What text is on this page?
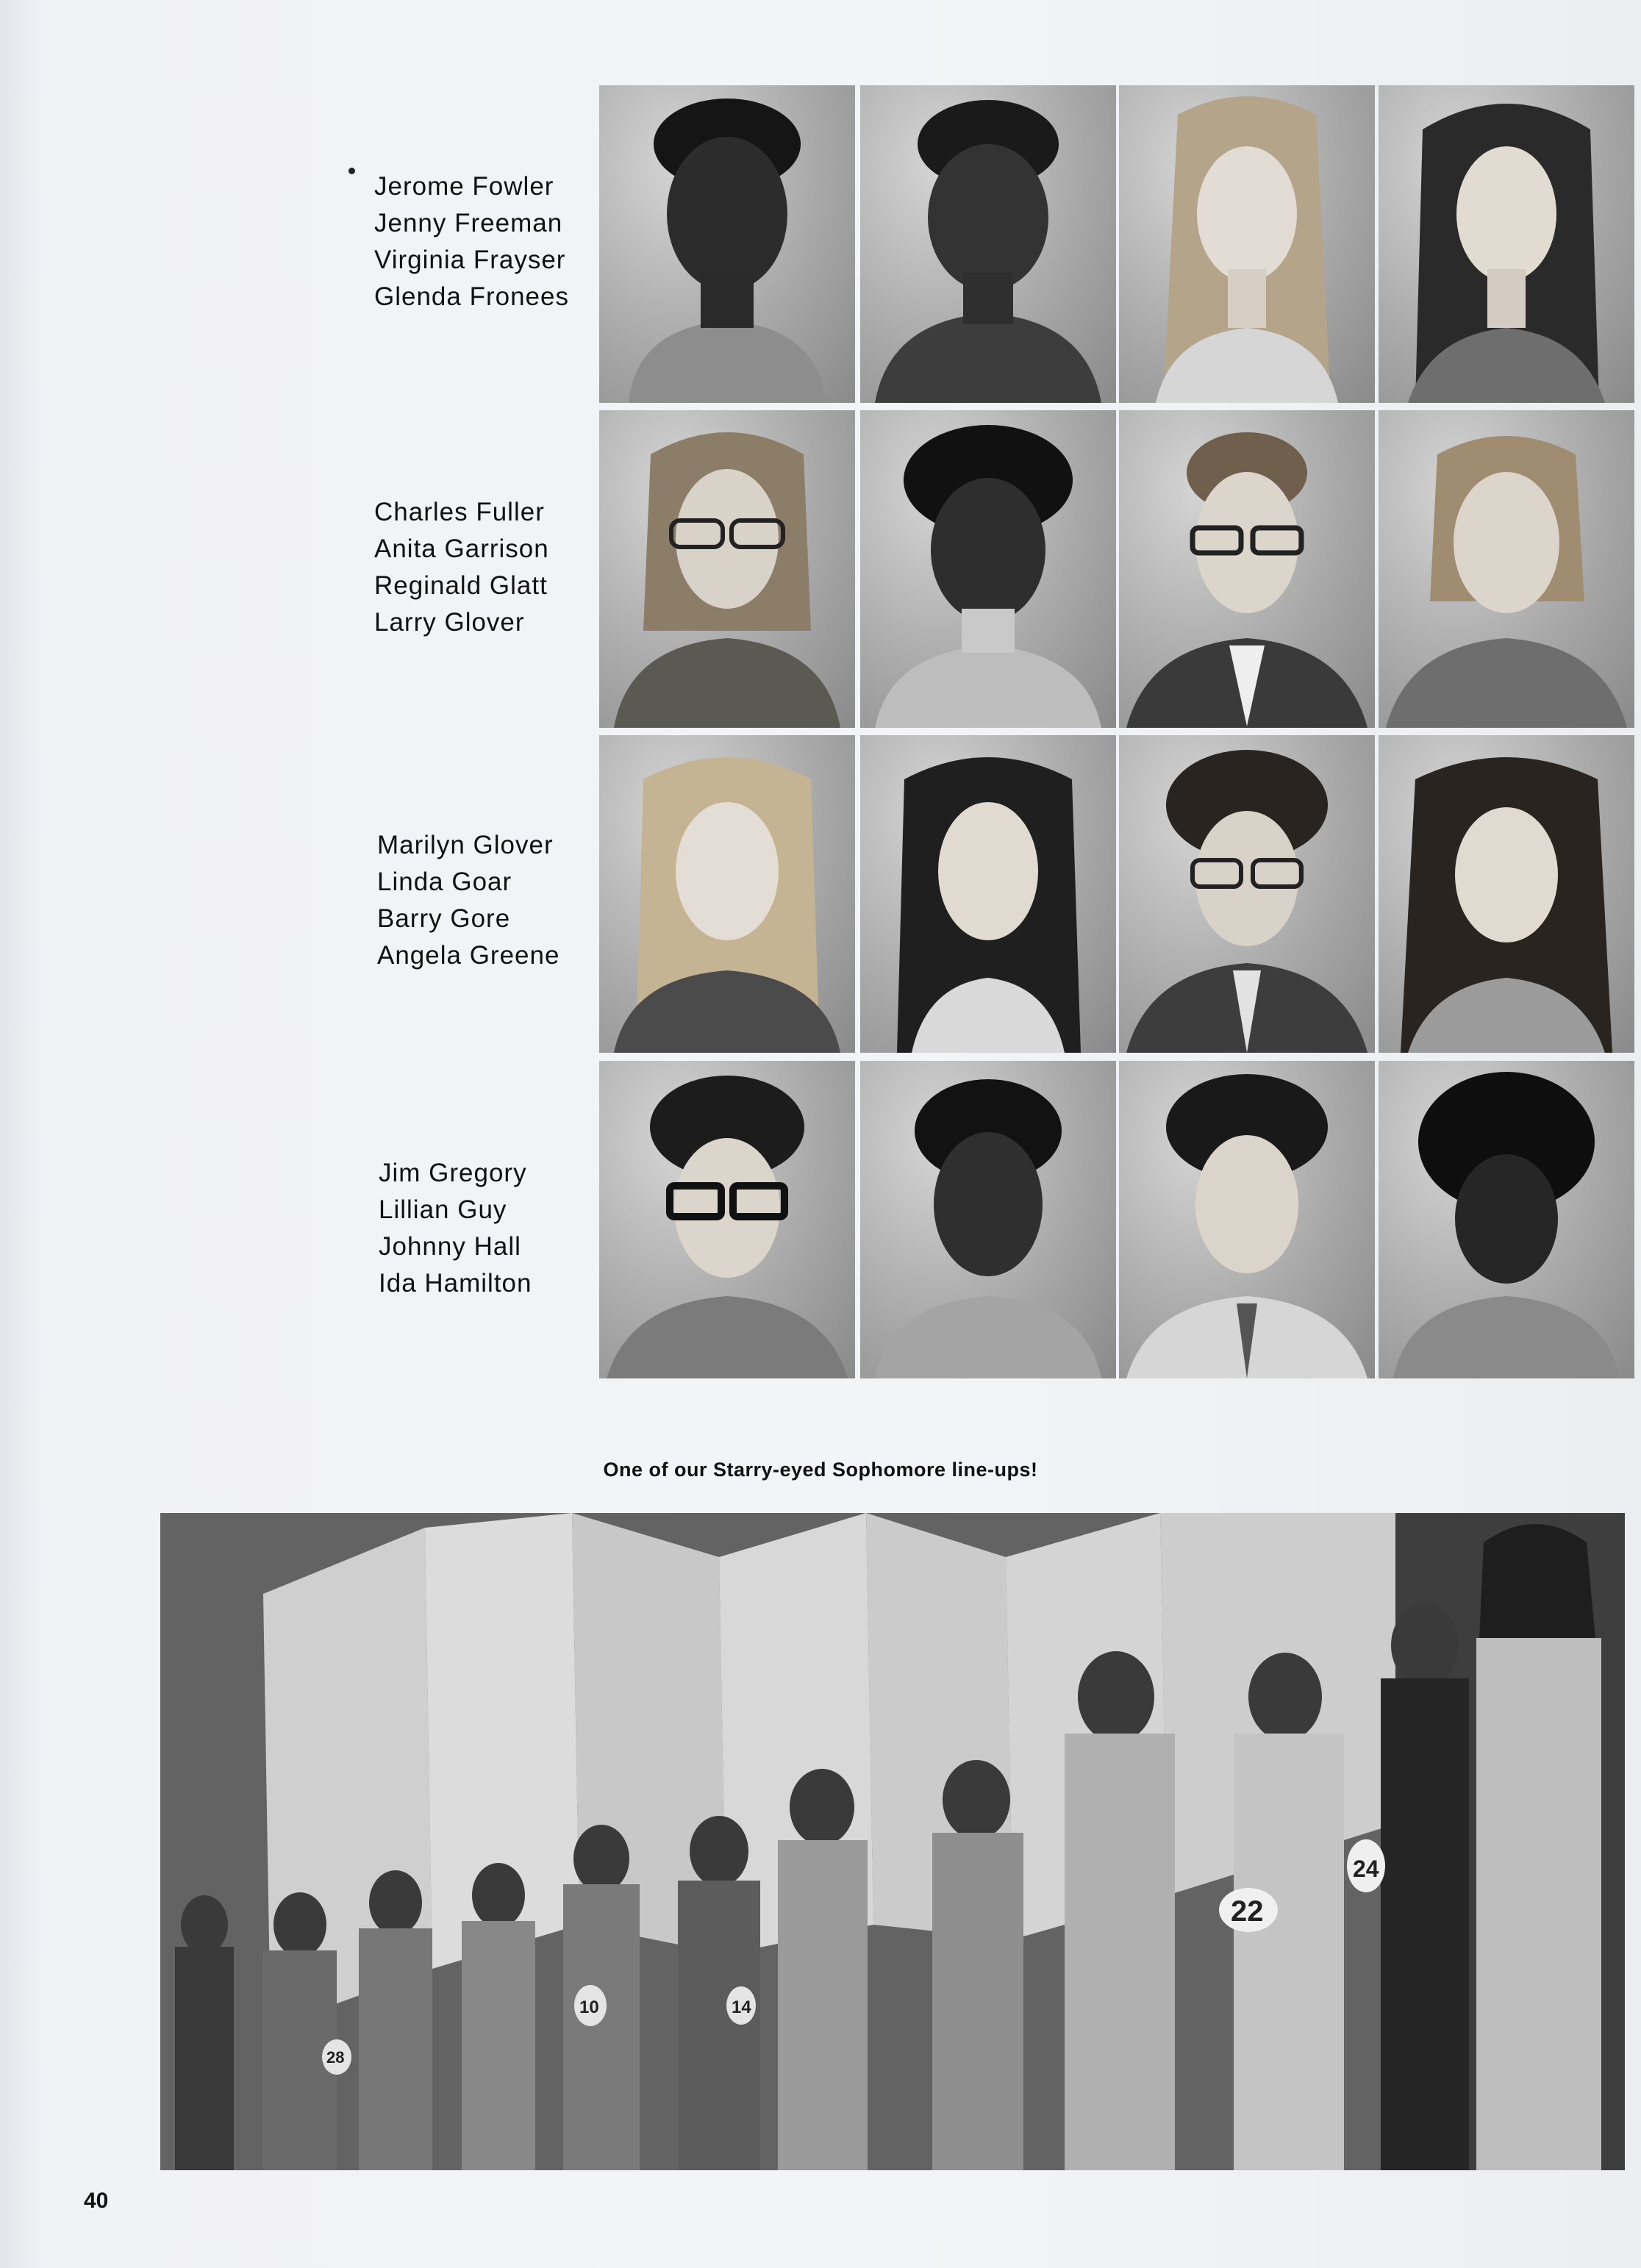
Jerome Fowler
Jenny Freeman
Virginia Frayser
Glenda Fronees
Charles Fuller
Anita Garrison
Reginald Glatt
Larry Glover
Marilyn Glover
Linda Goar
Barry Gore
Angela Greene
Jim Gregory
Lillian Guy
Johnny Hall
Ida Hamilton
One of our Starry-eyed Sophomore line-ups!
22
24
10	14
28
40
